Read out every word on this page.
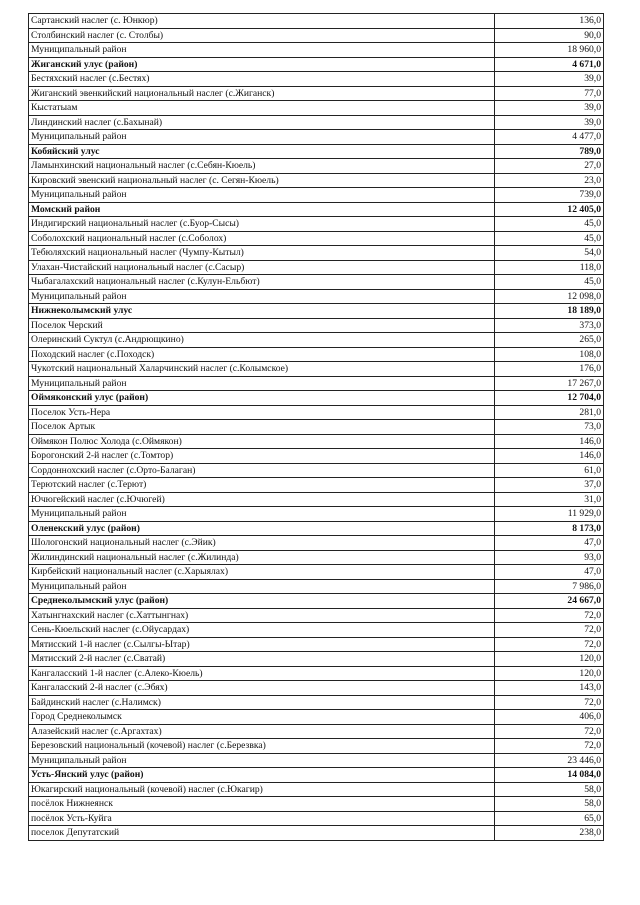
Сартанский наслег (с. Юнкюр)	136,0
Столбинский наслег (с. Столбы)	90,0
Муниципальный район	18 960,0
Жиганский улус (район)	4 671,0
Бестяхский наслег (с.Бестях)	39,0
Жиганский эвенкийский национальный наслег (с.Жиганск)	77,0
Кыстатыам	39,0
Линдинский наслег (с.Бахынай)	39,0
Муниципальный район	4 477,0
Кобяйский улус	789,0
Ламынхинский национальный наслег (с.Себян-Кюель)	27,0
Кировский эвенский национальный наслег (с. Сегян-Кюель)	23,0
Муниципальный район	739,0
Момский район	12 405,0
Индигирский национальный наслег (с.Буор-Сысы)	45,0
Соболохский национальный наслег (с.Соболох)	45,0
Тебюляхский национальный наслег (Чумпу-Кытыл)	54,0
Улахан-Чистайский национальный наслег (с.Сасыр)	118,0
Чыбагалахский национальный наслег (с.Кулун-Ельбют)	45,0
Муниципальный район	12 098,0
Нижнеколымский улус	18 189,0
Поселок Черский	373,0
Олеринский Суктул (с.Андрющкино)	265,0
Походский наслег (с.Походск)	108,0
Чукотский национальный Халарчинский наслег (с.Колымское)	176,0
Муниципальный район	17 267,0
Оймяконский улус (район)	12 704,0
Поселок Усть-Нера	281,0
Поселок Артык	73,0
Оймякон Полюс Холода (с.Оймякон)	146,0
Борогонский 2-й наслег (с.Томтор)	146,0
Сордоннохский наслег (с.Орто-Балаган)	61,0
Терютский наслег (с.Терют)	37,0
Ючюгейский наслег (с.Ючюгей)	31,0
Муниципальный район	11 929,0
Оленекский улус (район)	8 173,0
Шологонский национальный наслег (с.Эйик)	47,0
Жилиндинский национальный наслег (с.Жилинда)	93,0
Кирбейский национальный наслег (с.Харыялах)	47,0
Муниципальный район	7 986,0
Среднеколымский улус (район)	24 667,0
Хатынгнахский наслег (с.Хаттынгнах)	72,0
Сень-Кюельский наслег (с.Ойусардах)	72,0
Мятисский 1-й наслег (с.Сылгы-Ытар)	72,0
Мятисский 2-й наслег (с.Сватай)	120,0
Кангаласский 1-й наслег (с.Алеко-Кюель)	120,0
Кангаласский 2-й наслег (с.Эбях)	143,0
Байдинский наслег (с.Налимск)	72,0
Город Среднеколымск	406,0
Алазейский наслег (с.Аргахтах)	72,0
Березовский национальный (кочевой) наслег (с.Березвка)	72,0
Муниципальный район	23 446,0
Усть-Янский улус (район)	14 084,0
Юкагирский национальный (кочевой) наслег (с.Юкагир)	58,0
посёлок Нижнеянск	58,0
посёлок Усть-Куйга	65,0
поселок Депутатский	238,0
